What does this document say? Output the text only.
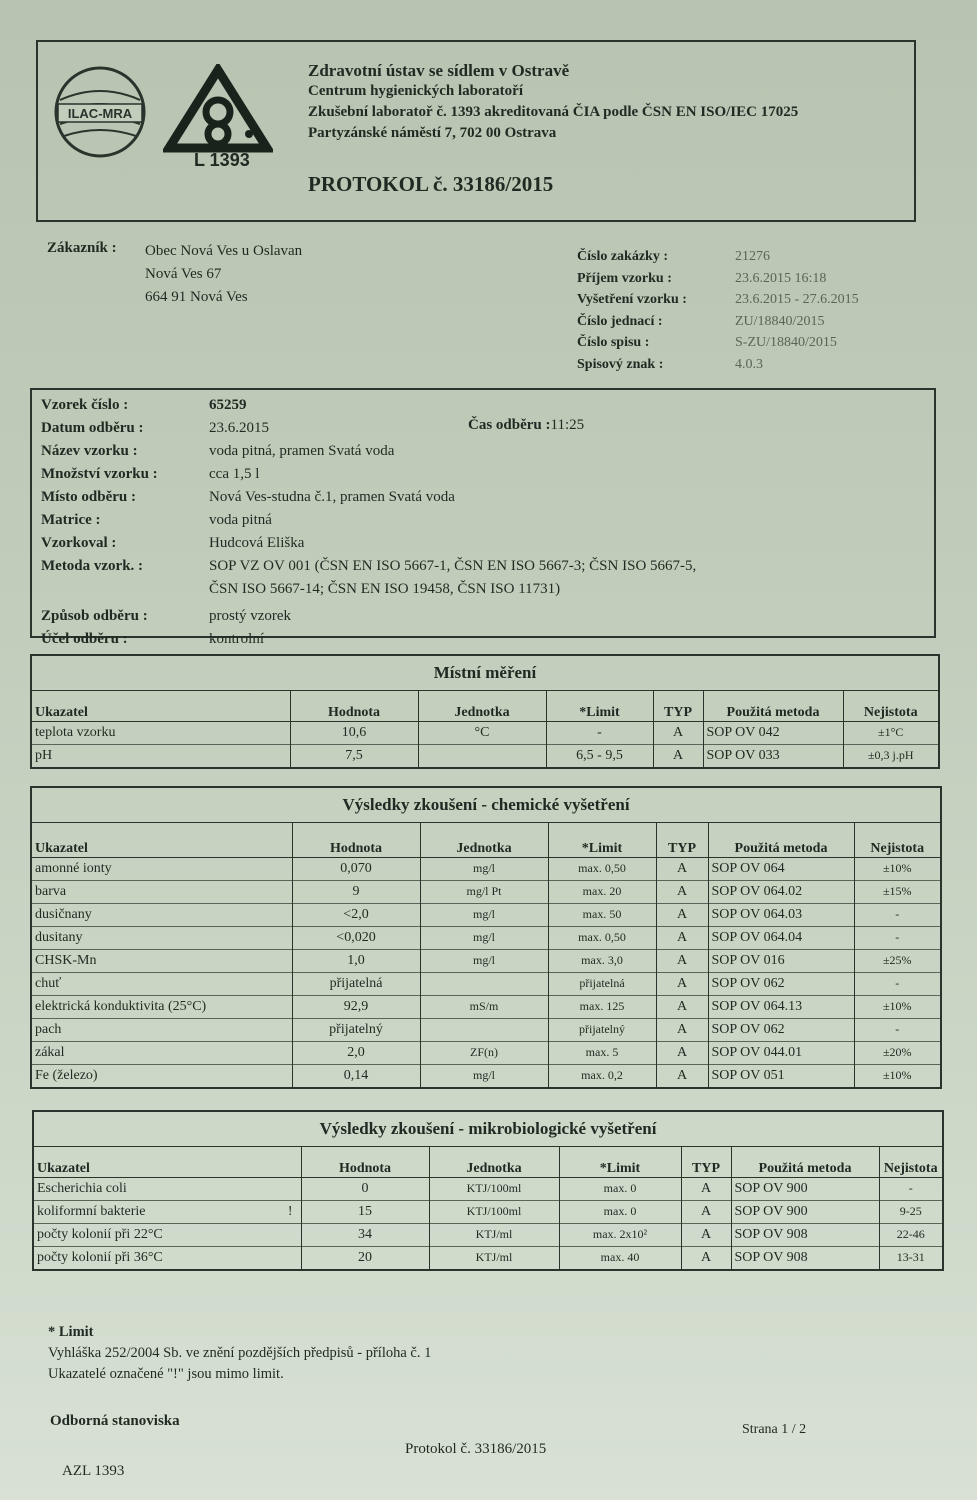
ILAC-MRA
L 1393
Zdravotní ústav se sídlem v Ostravě
Centrum hygienických laboratoří
Zkušební laboratoř č. 1393 akreditovaná ČIA podle ČSN EN ISO/IEC 17025
Partyzánské náměstí 7, 702 00 Ostrava
PROTOKOL č. 33186/2015
Zákazník : Obec Nová Ves u Oslavan
Nová Ves 67
664 91 Nová Ves
Číslo zakázky :	21276
Příjem vzorku :	23.6.2015 16:18
Vyšetření vzorku :	23.6.2015 - 27.6.2015
Číslo jednací :	ZU/18840/2015
Číslo spisu :	S-ZU/18840/2015
Spisový znak :	4.0.3
Vzorek číslo :	65259
Datum odběru :	23.6.2015
Název vzorku :	voda pitná, pramen Svatá voda
Množství vzorku :	cca 1,5 l
Místo odběru :	Nová Ves-studna č.1, pramen Svatá voda
Matrice :	voda pitná
Vzorkoval :	Hudcová Eliška
Metoda vzork. :	SOP VZ OV 001 (ČSN EN ISO 5667-1, ČSN EN ISO 5667-3; ČSN ISO 5667-5,
ČSN ISO 5667-14; ČSN EN ISO 19458, ČSN ISO 11731)
Způsob odběru :	prostý vzorek
Účel odběru :	kontrolní
Čas odběru :11:25
Místní měření
Ukazatel	Hodnota	Jednotka	*Limit	TYP	Použitá metoda	Nejistota
teplota vzorku	10,6	°C	-	A	SOP OV 042	±1°C
pH	7,5		6,5 - 9,5	A	SOP OV 033	±0,3 j.pH
Výsledky zkoušení - chemické vyšetření
Ukazatel	Hodnota	Jednotka	*Limit	TYP	Použitá metoda	Nejistota
amonné ionty	0,070	mg/l	max. 0,50	A	SOP OV 064	±10%
barva	9	mg/l Pt	max. 20	A	SOP OV 064.02	±15%
dusičnany	<2,0	mg/l	max. 50	A	SOP OV 064.03	-
dusitany	<0,020	mg/l	max. 0,50	A	SOP OV 064.04	-
CHSK-Mn	1,0	mg/l	max. 3,0	A	SOP OV 016	±25%
chuť	přijatelná		přijatelná	A	SOP OV 062	-
elektrická konduktivita (25°C)	92,9	mS/m	max. 125	A	SOP OV 064.13	±10%
pach	přijatelný		přijatelný	A	SOP OV 062	-
zákal	2,0	ZF(n)	max. 5	A	SOP OV 044.01	±20%
Fe (železo)	0,14	mg/l	max. 0,2	A	SOP OV 051	±10%
Výsledky zkoušení - mikrobiologické vyšetření
Ukazatel		Hodnota	Jednotka	*Limit	TYP	Použitá metoda	Nejistota
Escherichia coli		0	KTJ/100ml	max. 0	A	SOP OV 900	-
koliformní bakterie	!	15	KTJ/100ml	max. 0	A	SOP OV 900	9-25
počty kolonií při 22°C		34	KTJ/ml	max. 2x10²	A	SOP OV 908	22-46
počty kolonií při 36°C		20	KTJ/ml	max. 40	A	SOP OV 908	13-31
* Limit
Vyhláška 252/2004 Sb. ve znění pozdějších předpisů - příloha č. 1
Ukazatelé označené "!" jsou mimo limit.
Odborná stanoviska
Strana 1 / 2
Protokol č. 33186/2015
AZL 1393
